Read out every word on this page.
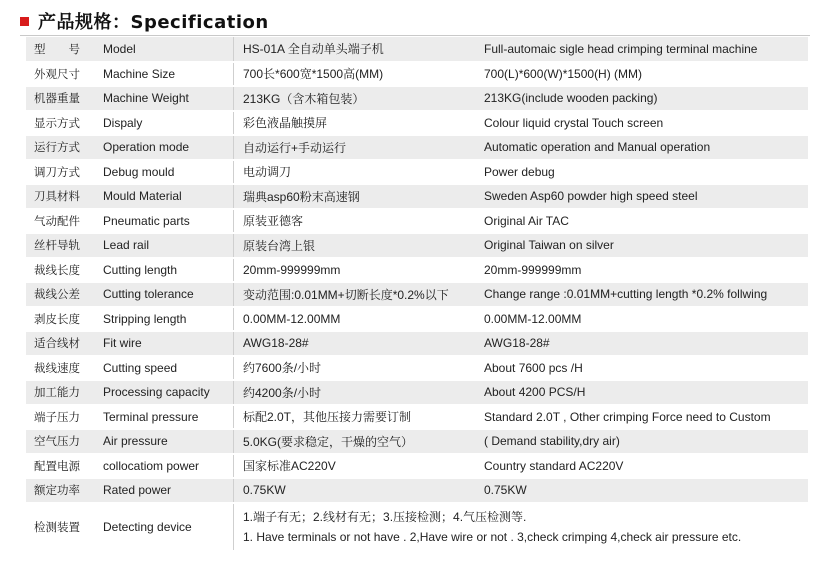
产品规格：Specification
型　　号	Model	HS-01A 全自动单头端子机	Full-automaic sigle head crimping terminal machine
外观尺寸	Machine Size	700长*600宽*1500高(MM)	700(L)*600(W)*1500(H) (MM)
机器重量	Machine Weight	213KG（含木箱包装）	213KG(include wooden packing)
显示方式	Dispaly	彩色液晶触摸屏	Colour liquid crystal Touch screen
运行方式	Operation mode	自动运行+手动运行	Automatic operation and Manual operation
调刀方式	Debug mould	电动调刀	Power debug
刀具材料	Mould Material	瑞典asp60粉末高速钢	Sweden Asp60 powder high speed steel
气动配件	Pneumatic parts	原装亚德客	Original Air TAC
丝杆导轨	Lead rail	原装台湾上银	Original Taiwan on silver
裁线长度	Cutting length	20mm-999999mm	20mm-999999mm
裁线公差	Cutting tolerance	变动范围:0.01MM+切断长度*0.2%以下	Change range :0.01MM+cutting length *0.2% follwing
剥皮长度	Stripping length	0.00MM-12.00MM	0.00MM-12.00MM
适合线材	Fit wire	AWG18-28#	AWG18-28#
裁线速度	Cutting speed	约7600条/小时	About 7600 pcs /H
加工能力	Processing capacity	约4200条/小时	About 4200 PCS/H
端子压力	Terminal pressure	标配2.0T，其他压接力需要订制	Standard 2.0T , Other crimping Force need to Custom
空气压力	Air pressure	5.0KG(要求稳定，干燥的空气）	( Demand stability,dry air)
配置电源	collocatiom power	国家标准AC220V	Country standard AC220V
额定功率	Rated power	0.75KW	0.75KW
检测装置	Detecting device	1.端子有无；2.线材有无；3.压接检测；4.气压检测等.
1. Have terminals or not have . 2,Have wire or not . 3,check crimping 4,check air pressure etc.	
